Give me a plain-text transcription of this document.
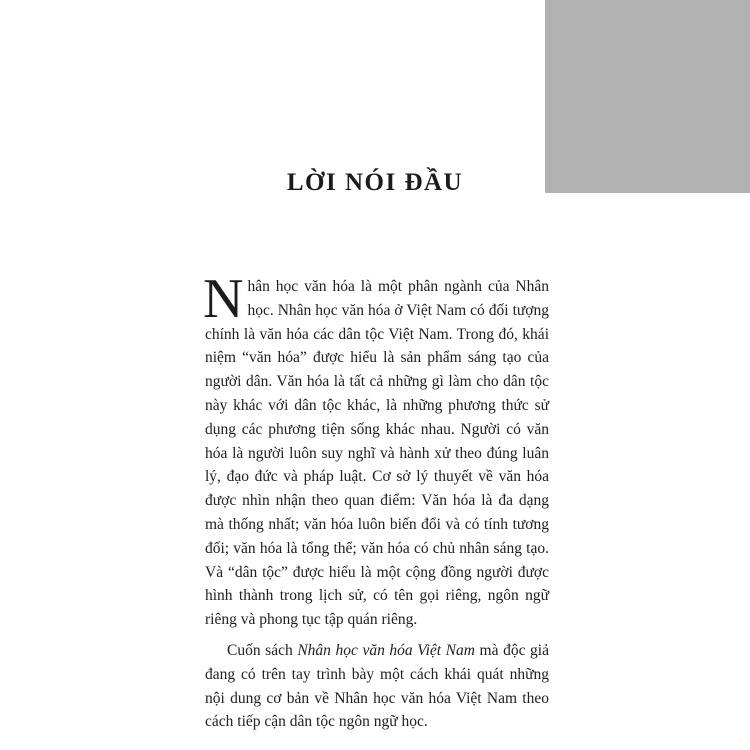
LỜI NÓI ĐẦU

Nhân học văn hóa là một phân ngành của Nhân học. Nhân học văn hóa ở Việt Nam có đối tượng chính là văn hóa các dân tộc Việt Nam. Trong đó, khái niệm “văn hóa” được hiểu là sản phẩm sáng tạo của người dân. Văn hóa là tất cả những gì làm cho dân tộc này khác với dân tộc khác, là những phương thức sử dụng các phương tiện sống khác nhau. Người có văn hóa là người luôn suy nghĩ và hành xử theo đúng luân lý, đạo đức và pháp luật. Cơ sở lý thuyết về văn hóa được nhìn nhận theo quan điểm: Văn hóa là đa dạng mà thống nhất; văn hóa luôn biến đổi và có tính tương đối; văn hóa là tổng thể; văn hóa có chủ nhân sáng tạo. Và “dân tộc” được hiểu là một cộng đồng người được hình thành trong lịch sử, có tên gọi riêng, ngôn ngữ riêng và phong tục tập quán riêng.

Cuốn sách Nhân học văn hóa Việt Nam mà độc giả đang có trên tay trình bày một cách khái quát những nội dung cơ bản về Nhân học văn hóa Việt Nam theo cách tiếp cận dân tộc ngôn ngữ học.
